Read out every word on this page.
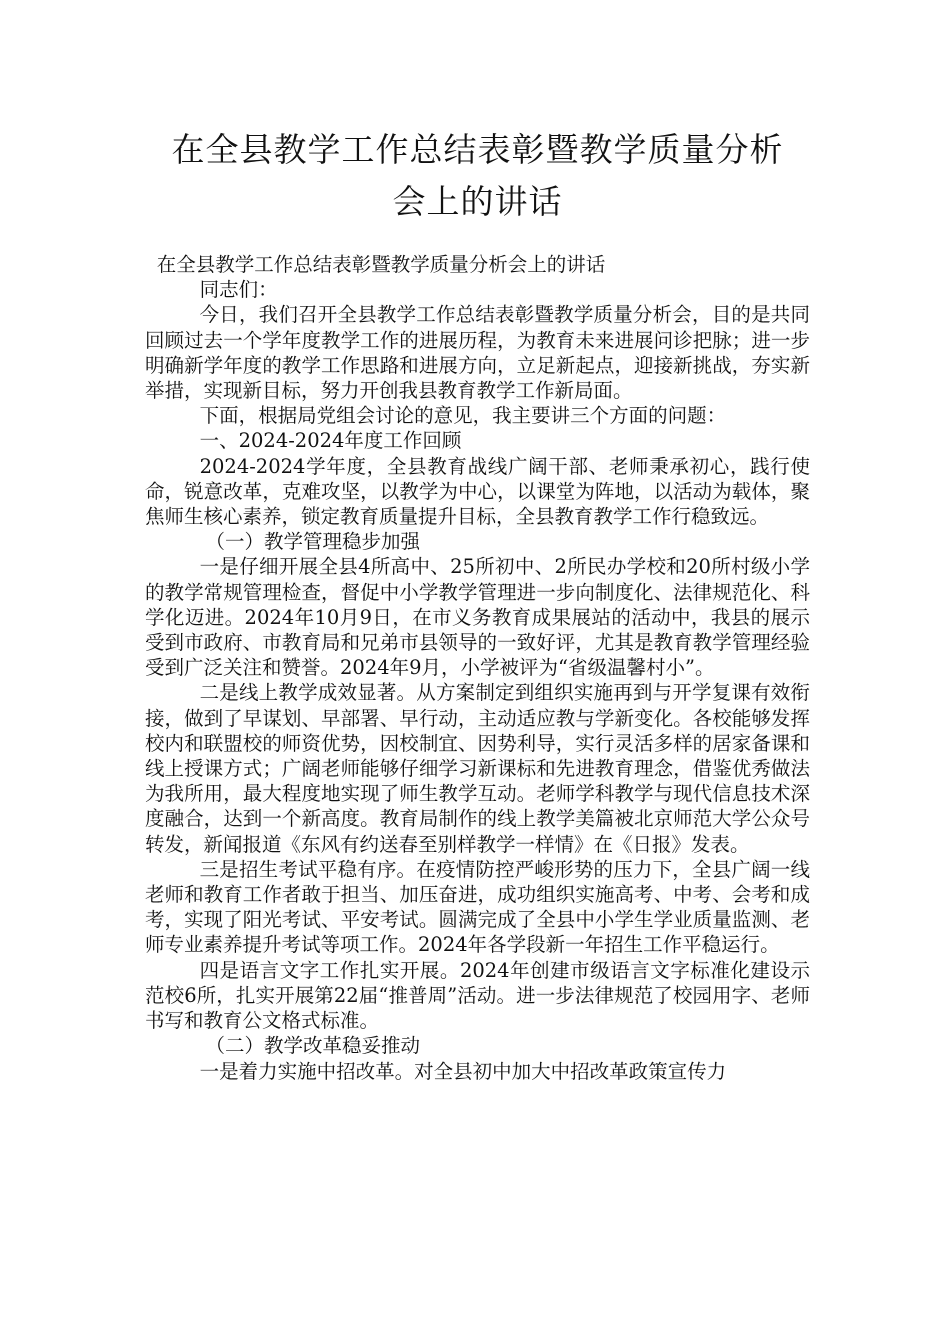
在全县教学工作总结表彰暨教学质量分析
会上的讲话

在全县教学工作总结表彰暨教学质量分析会上的讲话

同志们：

今日，我们召开全县教学工作总结表彰暨教学质量分析会，目的是共同回顾过去一个学年度教学工作的进展历程，为教育未来进展问诊把脉；进一步明确新学年度的教学工作思路和进展方向，立足新起点，迎接新挑战，夯实新举措，实现新目标，努力开创我县教育教学工作新局面。

下面，根据局党组会讨论的意见，我主要讲三个方面的问题：

一、2024-2024年度工作回顾

2024-2024学年度，全县教育战线广阔干部、老师秉承初心，践行使命，锐意改革，克难攻坚，以教学为中心，以课堂为阵地，以活动为载体，聚焦师生核心素养，锁定教育质量提升目标，全县教育教学工作行稳致远。

（一）教学管理稳步加强

一是仔细开展全县4所高中、25所初中、2所民办学校和20所村级小学的教学常规管理检查，督促中小学教学管理进一步向制度化、法律规范化、科学化迈进。2024年10月9日，在市义务教育成果展站的活动中，我县的展示受到市政府、市教育局和兄弟市县领导的一致好评，尤其是教育教学管理经验受到广泛关注和赞誉。2024年9月，小学被评为“省级温馨村小”。

二是线上教学成效显著。从方案制定到组织实施再到与开学复课有效衔接，做到了早谋划、早部署、早行动，主动适应教与学新变化。各校能够发挥校内和联盟校的师资优势，因校制宜、因势利导，实行灵活多样的居家备课和线上授课方式；广阔老师能够仔细学习新课标和先进教育理念，借鉴优秀做法为我所用，最大程度地实现了师生教学互动。老师学科教学与现代信息技术深度融合，达到一个新高度。教育局制作的线上教学美篇被北京师范大学公众号转发，新闻报道《东风有约送春至别样教学一样情》在《日报》发表。

三是招生考试平稳有序。在疫情防控严峻形势的压力下，全县广阔一线老师和教育工作者敢于担当、加压奋进，成功组织实施高考、中考、会考和成考，实现了阳光考试、平安考试。圆满完成了全县中小学生学业质量监测、老师专业素养提升考试等项工作。2024年各学段新一年招生工作平稳运行。

四是语言文字工作扎实开展。2024年创建市级语言文字标准化建设示范校6所，扎实开展第22届“推普周”活动。进一步法律规范了校园用字、老师书写和教育公文格式标准。

（二）教学改革稳妥推动

一是着力实施中招改革。对全县初中加大中招改革政策宣传力
